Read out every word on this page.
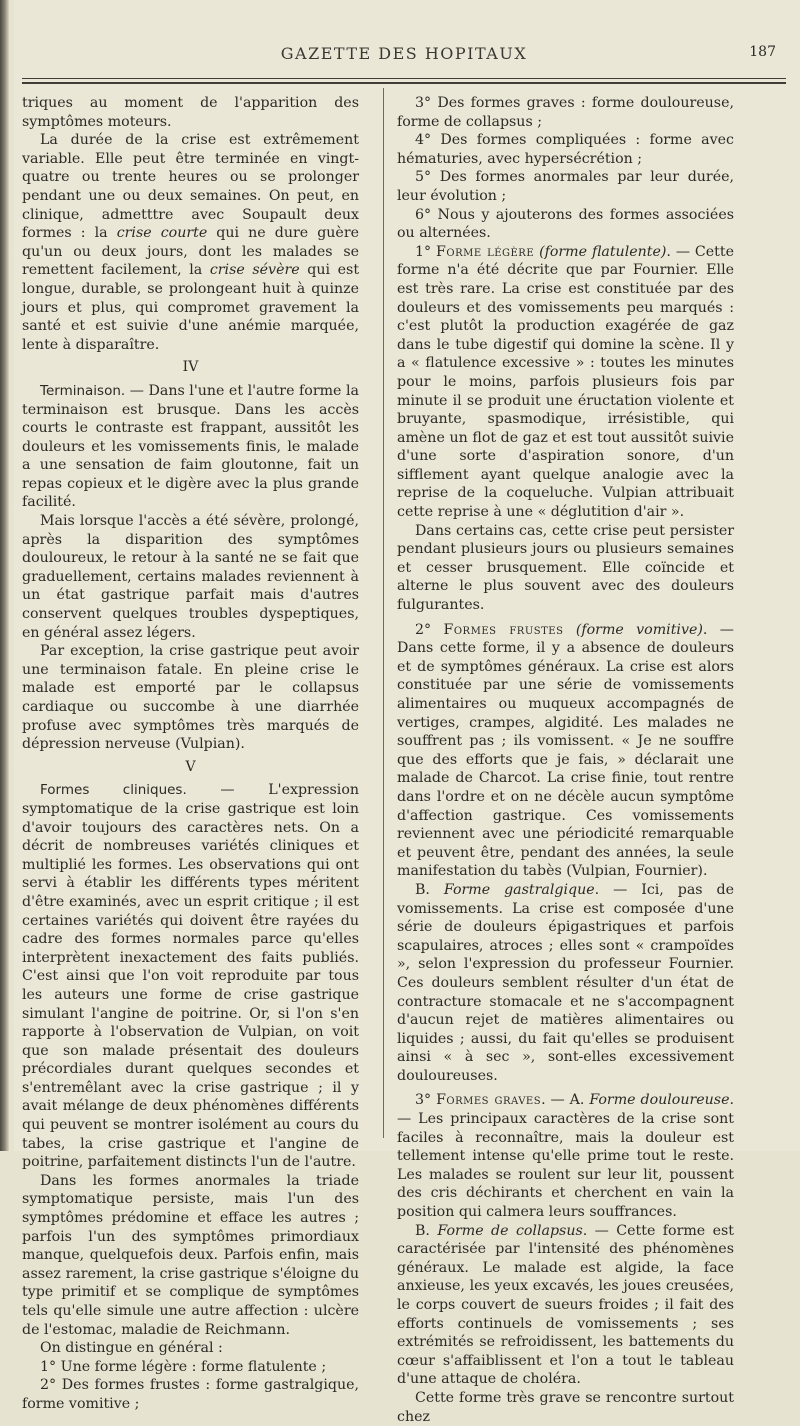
GAZETTE DES HOPITAUX	187

triques au moment de l'apparition des symptômes moteurs.

La durée de la crise est extrêmement variable. Elle peut être terminée en vingt-quatre ou trente heures ou se prolonger pendant une ou deux semaines. On peut, en clinique, admetttre avec Soupault deux formes : la crise courte qui ne dure guère qu'un ou deux jours, dont les malades se remettent facilement, la crise sévère qui est longue, durable, se prolongeant huit à quinze jours et plus, qui compromet gravement la santé et est suivie d'une anémie marquée, lente à disparaître.

IV

Terminaison. — Dans l'une et l'autre forme la terminaison est brusque. Dans les accès courts le contraste est frappant, aussitôt les douleurs et les vomissements finis, le malade a une sensation de faim gloutonne, fait un repas copieux et le digère avec la plus grande facilité.

Mais lorsque l'accès a été sévère, prolongé, après la disparition des symptômes douloureux, le retour à la santé ne se fait que graduellement, certains malades reviennent à un état gastrique parfait mais d'autres conservent quelques troubles dyspeptiques, en général assez légers.

Par exception, la crise gastrique peut avoir une terminaison fatale. En pleine crise le malade est emporté par le collapsus cardiaque ou succombe à une diarrhée profuse avec symptômes très marqués de dépression nerveuse (Vulpian).

V

Formes cliniques. — L'expression symptomatique de la crise gastrique est loin d'avoir toujours des caractères nets. On a décrit de nombreuses variétés cliniques et multiplié les formes. Les observations qui ont servi à établir les différents types méritent d'être examinés, avec un esprit critique ; il est certaines variétés qui doivent être rayées du cadre des formes normales parce qu'elles interprètent inexactement des faits publiés. C'est ainsi que l'on voit reproduite par tous les auteurs une forme de crise gastrique simulant l'angine de poitrine. Or, si l'on s'en rapporte à l'observation de Vulpian, on voit que son malade présentait des douleurs précordiales durant quelques secondes et s'entremêlant avec la crise gastrique ; il y avait mélange de deux phénomènes différents qui peuvent se montrer isolément au cours du tabes, la crise gastrique et l'angine de poitrine, parfaitement distincts l'un de l'autre.

Dans les formes anormales la triade symptomatique persiste, mais l'un des symptômes prédomine et efface les autres ; parfois l'un des symptômes primordiaux manque, quelquefois deux. Parfois enfin, mais assez rarement, la crise gastrique s'éloigne du type primitif et se complique de symptômes tels qu'elle simule une autre affection : ulcère de l'estomac, maladie de Reichmann.

On distingue en général :

1° Une forme légère : forme flatulente ;

2° Des formes frustes : forme gastralgique, forme vomitive ;

3° Des formes graves : forme douloureuse, forme de collapsus ;

4° Des formes compliquées : forme avec hématuries, avec hypersécrétion ;

5° Des formes anormales par leur durée, leur évolution ;

6° Nous y ajouterons des formes associées ou alternées.

1° Forme légère (forme flatulente). — Cette forme n'a été décrite que par Fournier. Elle est très rare. La crise est constituée par des douleurs et des vomissements peu marqués : c'est plutôt la production exagérée de gaz dans le tube digestif qui domine la scène. Il y a « flatulence excessive » : toutes les minutes pour le moins, parfois plusieurs fois par minute il se produit une éructation violente et bruyante, spasmodique, irrésistible, qui amène un flot de gaz et est tout aussitôt suivie d'une sorte d'aspiration sonore, d'un sifflement ayant quelque analogie avec la reprise de la coqueluche. Vulpian attribuait cette reprise à une « déglutition d'air ».

Dans certains cas, cette crise peut persister pendant plusieurs jours ou plusieurs semaines et cesser brusquement. Elle coïncide et alterne le plus souvent avec des douleurs fulgurantes.

2° Formes frustes (forme vomitive). — Dans cette forme, il y a absence de douleurs et de symptômes généraux. La crise est alors constituée par une série de vomissements alimentaires ou muqueux accompagnés de vertiges, crampes, algidité. Les malades ne souffrent pas ; ils vomissent. « Je ne souffre que des efforts que je fais, » déclarait une malade de Charcot. La crise finie, tout rentre dans l'ordre et on ne décèle aucun symptôme d'affection gastrique. Ces vomissements reviennent avec une périodicité remarquable et peuvent être, pendant des années, la seule manifestation du tabès (Vulpian, Fournier).

B. Forme gastralgique. — Ici, pas de vomissements. La crise est composée d'une série de douleurs épigastriques et parfois scapulaires, atroces ; elles sont « crampoïdes », selon l'expression du professeur Fournier. Ces douleurs semblent résulter d'un état de contracture stomacale et ne s'accompagnent d'aucun rejet de matières alimentaires ou liquides ; aussi, du fait qu'elles se produisent ainsi « à sec », sont-elles excessivement douloureuses.

3° Formes graves. — A. Forme douloureuse. — Les principaux caractères de la crise sont faciles à reconnaître, mais la douleur est tellement intense qu'elle prime tout le reste. Les malades se roulent sur leur lit, poussent des cris déchirants et cherchent en vain la position qui calmera leurs souffrances.

B. Forme de collapsus. — Cette forme est caractérisée par l'intensité des phénomènes généraux. Le malade est algide, la face anxieuse, les yeux excavés, les joues creusées, le corps couvert de sueurs froides ; il fait des efforts continuels de vomissements ; ses extrémités se refroidissent, les battements du cœur s'affaiblissent et l'on a tout le tableau d'une attaque de choléra.

Cette forme très grave se rencontre surtout chez
